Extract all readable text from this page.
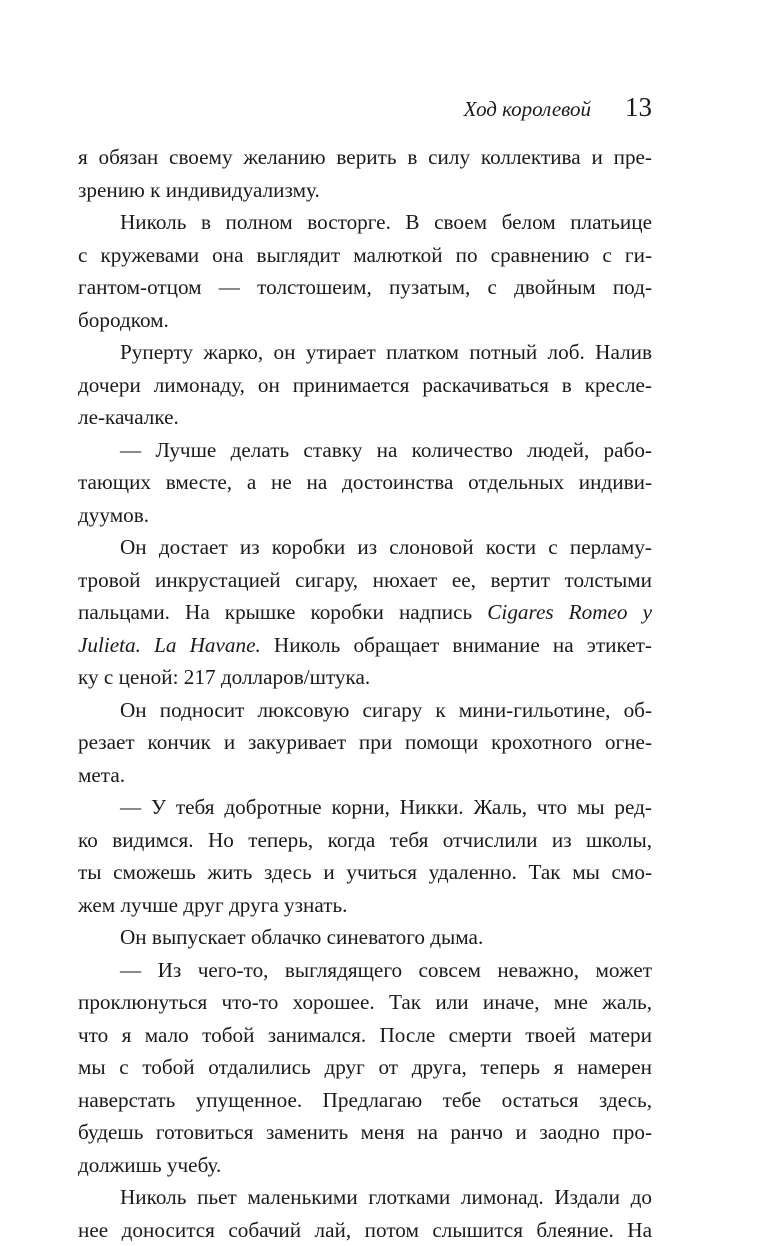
Ход королевой 13
я обязан своему желанию верить в силу коллектива и пре-
зрению к индивидуализму.
Николь в полном восторге. В своем белом платьице
с кружевами она выглядит малюткой по сравнению с ги-
гантом-отцом — толстошеим, пузатым, с двойным под-
бородком.
Руперту жарко, он утирает платком потный лоб. Налив
дочери лимонаду, он принимается раскачиваться в кресле-
ле-качалке.
— Лучше делать ставку на количество людей, рабо-
тающих вместе, а не на достоинства отдельных индиви-
дуумов.
Он достает из коробки из слоновой кости с перламу-
тровой инкрустацией сигару, нюхает ее, вертит толстыми
пальцами. На крышке коробки надпись Cigares Romeo y
Julieta. La Havane. Николь обращает внимание на этикет-
ку с ценой: 217 долларов/штука.
Он подносит люксовую сигару к мини-гильотине, об-
резает кончик и закуривает при помощи крохотного огне-
мета.
— У тебя добротные корни, Никки. Жаль, что мы ред-
ко видимся. Но теперь, когда тебя отчислили из школы,
ты сможешь жить здесь и учиться удаленно. Так мы смо-
жем лучше друг друга узнать.
Он выпускает облачко синеватого дыма.
— Из чего-то, выглядящего совсем неважно, может
проклюнуться что-то хорошее. Так или иначе, мне жаль,
что я мало тобой занимался. После смерти твоей матери
мы с тобой отдалились друг от друга, теперь я намерен
наверстать упущенное. Предлагаю тебе остаться здесь,
будешь готовиться заменить меня на ранчо и заодно про-
должишь учебу.
Николь пьет маленькими глотками лимонад. Издали до
нее доносится собачий лай, потом слышится блеяние. На
